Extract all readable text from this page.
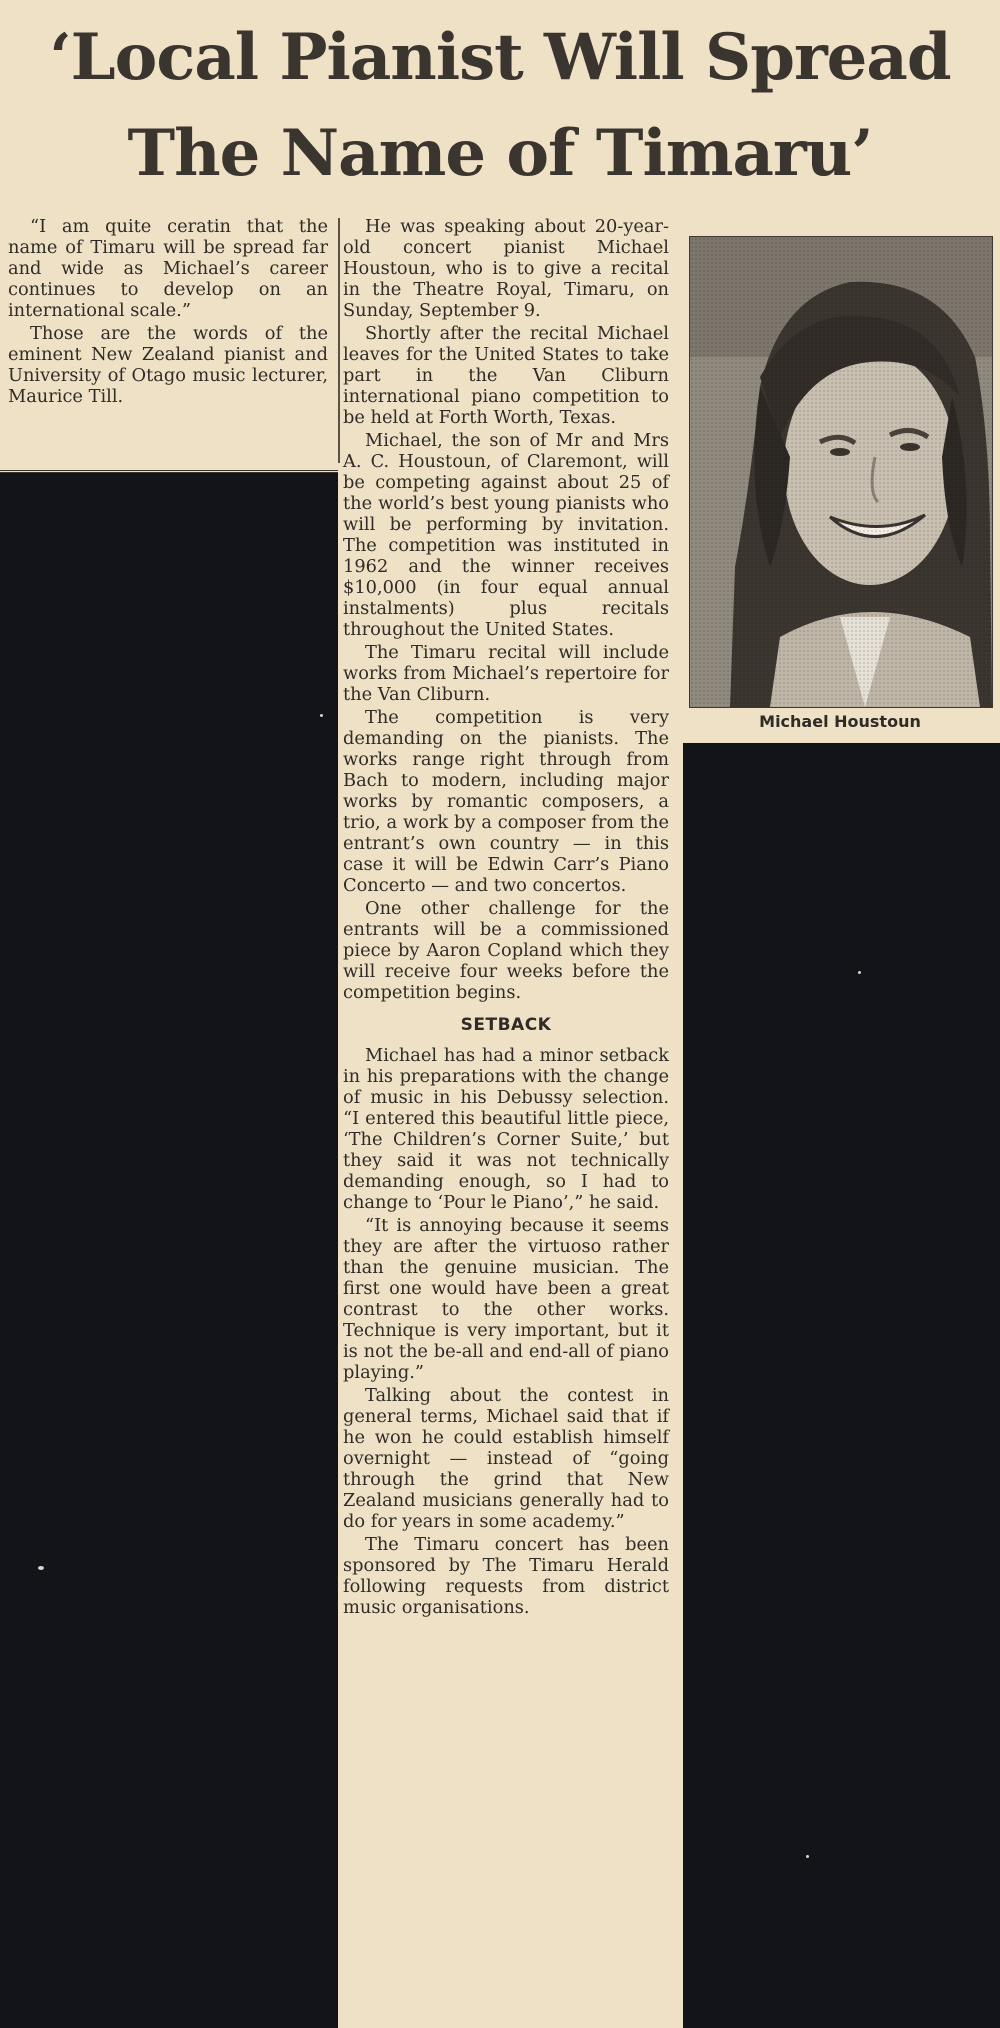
‘Local Pianist Will Spread
The Name of Timaru’

“I am quite ceratin that the name of Timaru will be spread far and wide as Michael’s career continues to develop on an international scale.”

Those are the words of the eminent New Zealand pianist and University of Otago music lecturer, Maurice Till.

He was speaking about 20-year-old concert pianist Michael Houstoun, who is to give a recital in the Theatre Royal, Timaru, on Sunday, September 9.

Shortly after the recital Michael leaves for the United States to take part in the Van Cliburn international piano competition to be held at Forth Worth, Texas.

Michael, the son of Mr and Mrs A. C. Houstoun, of Claremont, will be competing against about 25 of the world’s best young pianists who will be performing by invitation. The competition was instituted in 1962 and the winner receives $10,000 (in four equal annual instalments) plus recitals throughout the United States.

The Timaru recital will include works from Michael’s repertoire for the Van Cliburn.

The competition is very demanding on the pianists. The works range right through from Bach to modern, including major works by romantic composers, a trio, a work by a composer from the entrant’s own country — in this case it will be Edwin Carr’s Piano Concerto — and two concertos.

One other challenge for the entrants will be a commissioned piece by Aaron Copland which they will receive four weeks before the competition begins.

SETBACK

Michael has had a minor setback in his preparations with the change of music in his Debussy selection. “I entered this beautiful little piece, ‘The Children’s Corner Suite,’ but they said it was not technically demanding enough, so I had to change to ‘Pour le Piano’,” he said.

“It is annoying because it seems they are after the virtuoso rather than the genuine musician. The first one would have been a great contrast to the other works. Technique is very important, but it is not the be-all and end-all of piano playing.”

Talking about the contest in general terms, Michael said that if he won he could establish himself overnight — instead of “going through the grind that New Zealand musicians generally had to do for years in some academy.”

The Timaru concert has been sponsored by The Timaru Herald following requests from district music organisations.

Michael Houstoun
